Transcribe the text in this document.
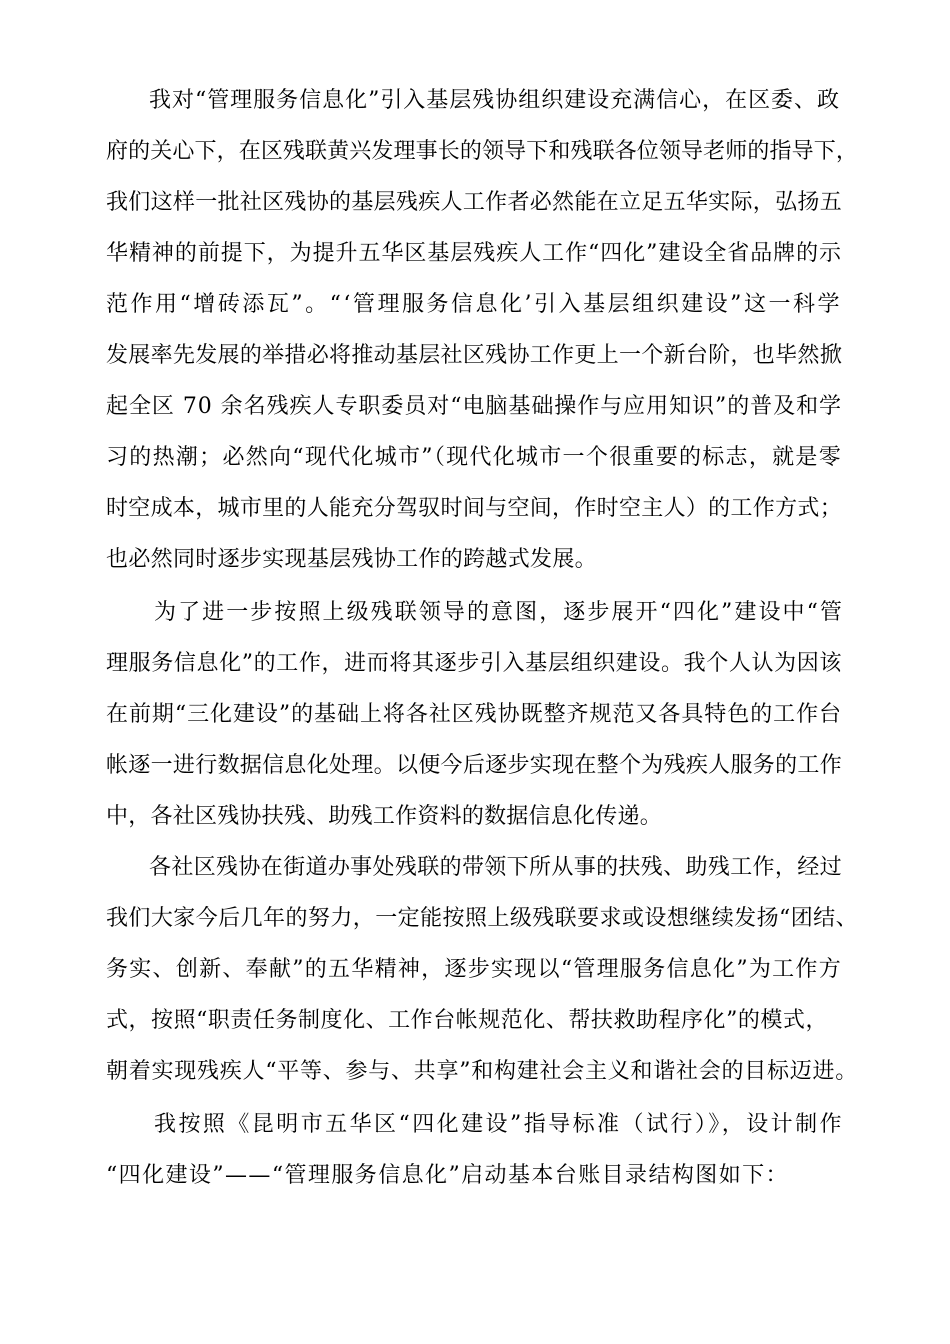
我对“管理服务信息化”引入基层残协组织建设充满信心，在区委、政
府的关心下，在区残联黄兴发理事长的领导下和残联各位领导老师的指导下，
我们这样一批社区残协的基层残疾人工作者必然能在立足五华实际，弘扬五
华精神的前提下，为提升五华区基层残疾人工作“四化”建设全省品牌的示
范作用“增砖添瓦”。“‘管理服务信息化’引入基层组织建设”这一科学
发展率先发展的举措必将推动基层社区残协工作更上一个新台阶，也毕然掀
起全区 70 余名残疾人专职委员对“电脑基础操作与应用知识”的普及和学
习的热潮；必然向“现代化城市”（现代化城市一个很重要的标志，就是零
时空成本，城市里的人能充分驾驭时间与空间，作时空主人）的工作方式；
也必然同时逐步实现基层残协工作的跨越式发展。
为了进一步按照上级残联领导的意图，逐步展开“四化”建设中“管
理服务信息化”的工作，进而将其逐步引入基层组织建设。我个人认为因该
在前期“三化建设”的基础上将各社区残协既整齐规范又各具特色的工作台
帐逐一进行数据信息化处理。以便今后逐步实现在整个为残疾人服务的工作
中，各社区残协扶残、助残工作资料的数据信息化传递。
各社区残协在街道办事处残联的带领下所从事的扶残、助残工作，经过
我们大家今后几年的努力，一定能按照上级残联要求或设想继续发扬“团结、
务实、创新、奉献”的五华精神，逐步实现以“管理服务信息化”为工作方
式，按照“职责任务制度化、工作台帐规范化、帮扶救助程序化”的模式，
朝着实现残疾人“平等、参与、共享”和构建社会主义和谐社会的目标迈进。
我按照《昆明市五华区“四化建设”指导标准（试行）》，设计制作
“四化建设”——“管理服务信息化”启动基本台账目录结构图如下：
